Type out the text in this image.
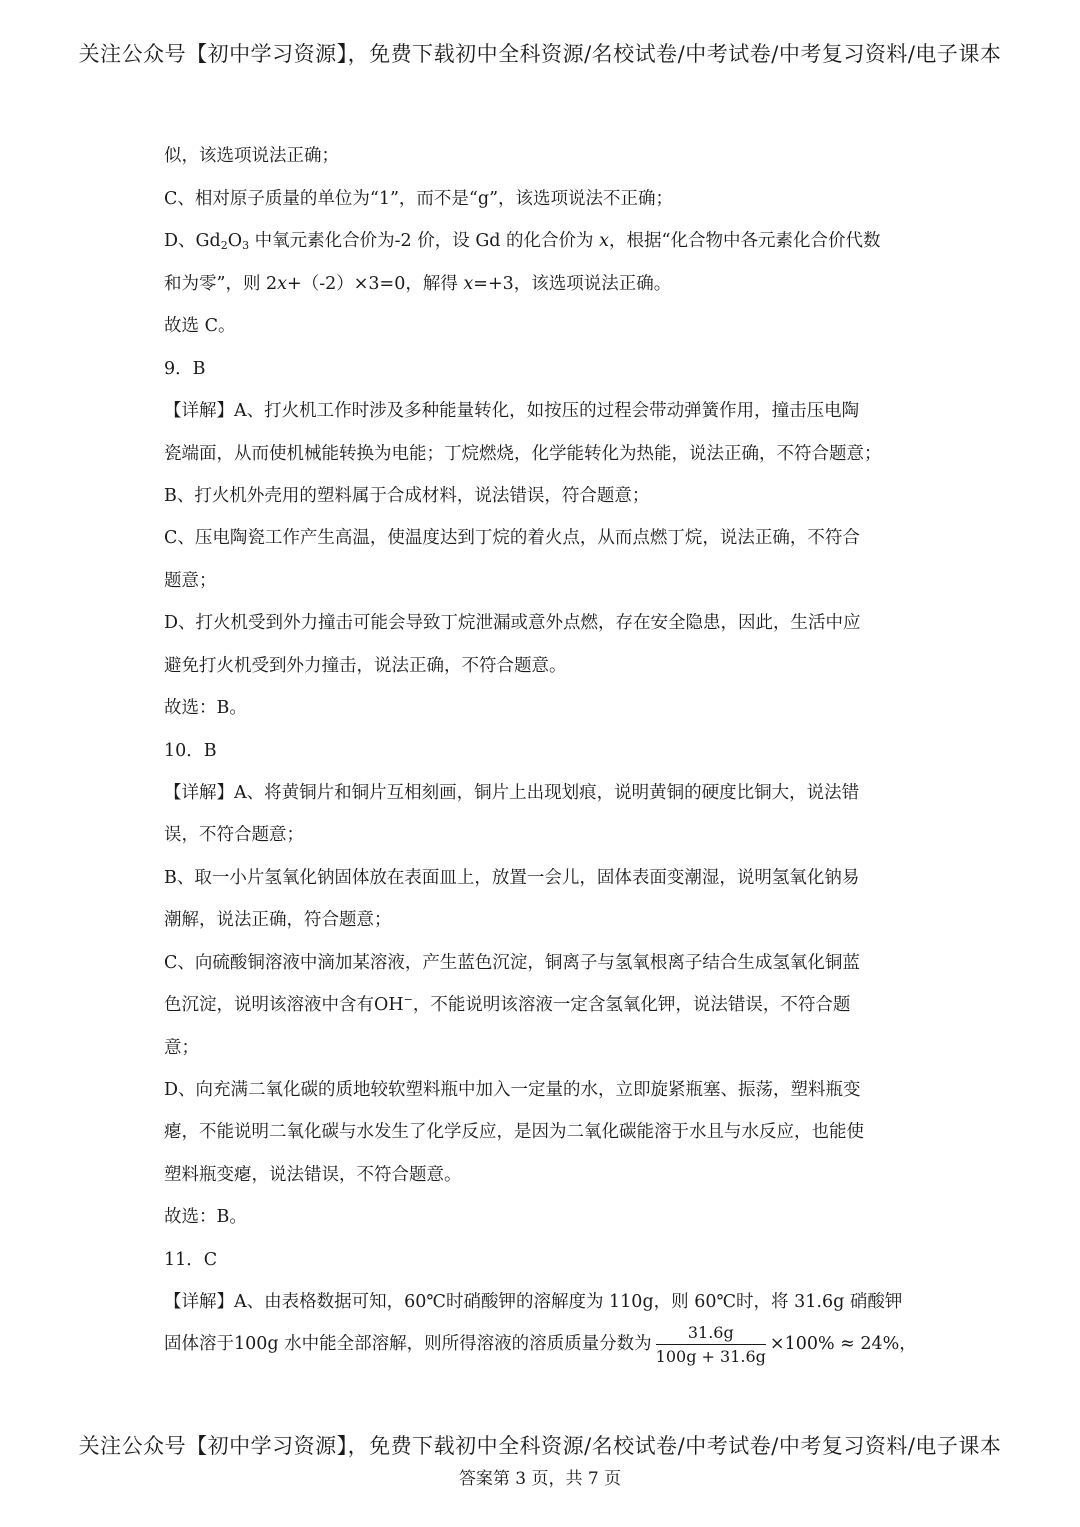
关注公众号【初中学习资源】，免费下载初中全科资源/名校试卷/中考试卷/中考复习资料/电子课本
似，该选项说法正确；
C、相对原子质量的单位为“1”，而不是“g”，该选项说法不正确；
D、$Gd_2O_3$ 中氧元素化合价为-2 价，设 Gd 的化合价为 x，根据“化合物中各元素化合价代数
和为零”，则 2x+（-2）×3=0，解得 x=+3，该选项说法正确。
故选 C。
9．B
【详解】A、打火机工作时涉及多种能量转化，如按压的过程会带动弹簧作用，撞击压电陶
瓷端面，从而使机械能转换为电能；丁烷燃烧，化学能转化为热能，说法正确，不符合题意；
B、打火机外壳用的塑料属于合成材料，说法错误，符合题意；
C、压电陶瓷工作产生高温，使温度达到丁烷的着火点，从而点燃丁烷，说法正确，不符合
题意；
D、打火机受到外力撞击可能会导致丁烷泄漏或意外点燃，存在安全隐患，因此，生活中应
避免打火机受到外力撞击，说法正确，不符合题意。
故选：B。
10．B
【详解】A、将黄铜片和铜片互相刻画，铜片上出现划痕，说明黄铜的硬度比铜大，说法错
误，不符合题意；
B、取一小片氢氧化钠固体放在表面皿上，放置一会儿，固体表面变潮湿，说明氢氧化钠易
潮解，说法正确，符合题意；
C、向硫酸铜溶液中滴加某溶液，产生蓝色沉淀，铜离子与氢氧根离子结合生成氢氧化铜蓝
色沉淀，说明该溶液中含有OH−，不能说明该溶液一定含氢氧化钾，说法错误，不符合题
意；
D、向充满二氧化碳的质地较软塑料瓶中加入一定量的水，立即旋紧瓶塞、振荡，塑料瓶变
瘪，不能说明二氧化碳与水发生了化学反应，是因为二氧化碳能溶于水且与水反应，也能使
塑料瓶变瘪，说法错误，不符合题意。
故选：B。
11．C
【详解】A、由表格数据可知，60℃时硝酸钾的溶解度为 110g，则 60℃时，将 31.6g 硝酸钾
固体溶于100g 水中能全部溶解，则所得溶液的溶质质量分数为 $\frac{31.6g}{100g + 31.6g} \times 100\% \approx 24\%$，
关注公众号【初中学习资源】，免费下载初中全科资源/名校试卷/中考试卷/中考复习资料/电子课本
答案第 3 页，共 7 页
